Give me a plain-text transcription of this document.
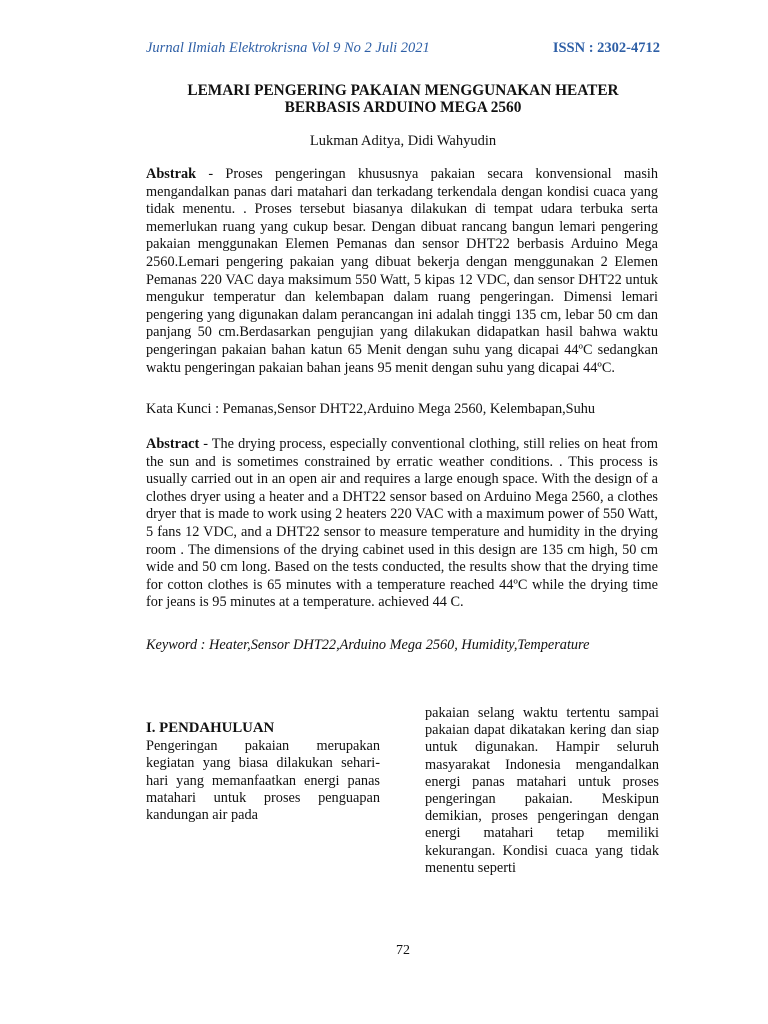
Jurnal Ilmiah Elektrokrisna Vol 9 No 2 Juli 2021	ISSN : 2302-4712
LEMARI PENGERING PAKAIAN MENGGUNAKAN HEATER
BERBASIS ARDUINO MEGA 2560
Lukman Aditya, Didi Wahyudin
Abstrak - Proses pengeringan khususnya pakaian secara konvensional masih mengandalkan panas dari matahari dan terkadang terkendala dengan kondisi cuaca yang tidak menentu. . Proses tersebut biasanya dilakukan di tempat udara terbuka serta memerlukan ruang yang cukup besar. Dengan dibuat rancang bangun lemari pengering pakaian menggunakan Elemen Pemanas dan sensor DHT22 berbasis Arduino Mega 2560.Lemari pengering pakaian yang dibuat bekerja dengan menggunakan 2 Elemen Pemanas 220 VAC daya maksimum 550 Watt, 5 kipas 12 VDC, dan sensor DHT22 untuk mengukur temperatur dan kelembapan dalam ruang pengeringan. Dimensi lemari pengering yang digunakan dalam perancangan ini adalah tinggi 135 cm, lebar 50 cm dan panjang 50 cm.Berdasarkan pengujian yang dilakukan didapatkan hasil bahwa waktu pengeringan pakaian bahan katun 65 Menit dengan suhu yang dicapai 44ºC sedangkan waktu pengeringan pakaian bahan jeans 95 menit dengan suhu yang dicapai 44ºC.
Kata Kunci : Pemanas,Sensor DHT22,Arduino Mega 2560, Kelembapan,Suhu
Abstract - The drying process, especially conventional clothing, still relies on heat from the sun and is sometimes constrained by erratic weather conditions. . This process is usually carried out in an open air and requires a large enough space. With the design of a clothes dryer using a heater and a DHT22 sensor based on Arduino Mega 2560, a clothes dryer that is made to work using 2 heaters 220 VAC with a maximum power of 550 Watt, 5 fans 12 VDC, and a DHT22 sensor to measure temperature and humidity in the drying room . The dimensions of the drying cabinet used in this design are 135 cm high, 50 cm wide and 50 cm long. Based on the tests conducted, the results show that the drying time for cotton clothes is 65 minutes with a temperature reached 44ºC while the drying time for jeans is 95 minutes at a temperature. achieved 44 C.
Keyword : Heater,Sensor DHT22,Arduino Mega 2560, Humidity,Temperature
I. PENDAHULUAN
Pengeringan pakaian merupakan kegiatan yang biasa dilakukan sehari-hari yang memanfaatkan energi panas matahari untuk proses penguapan kandungan air pada
pakaian selang waktu tertentu sampai pakaian dapat dikatakan kering dan siap untuk digunakan. Hampir seluruh masyarakat Indonesia mengandalkan energi panas matahari untuk proses pengeringan pakaian. Meskipun demikian, proses pengeringan dengan energi matahari tetap memiliki kekurangan. Kondisi cuaca yang tidak menentu seperti
72
